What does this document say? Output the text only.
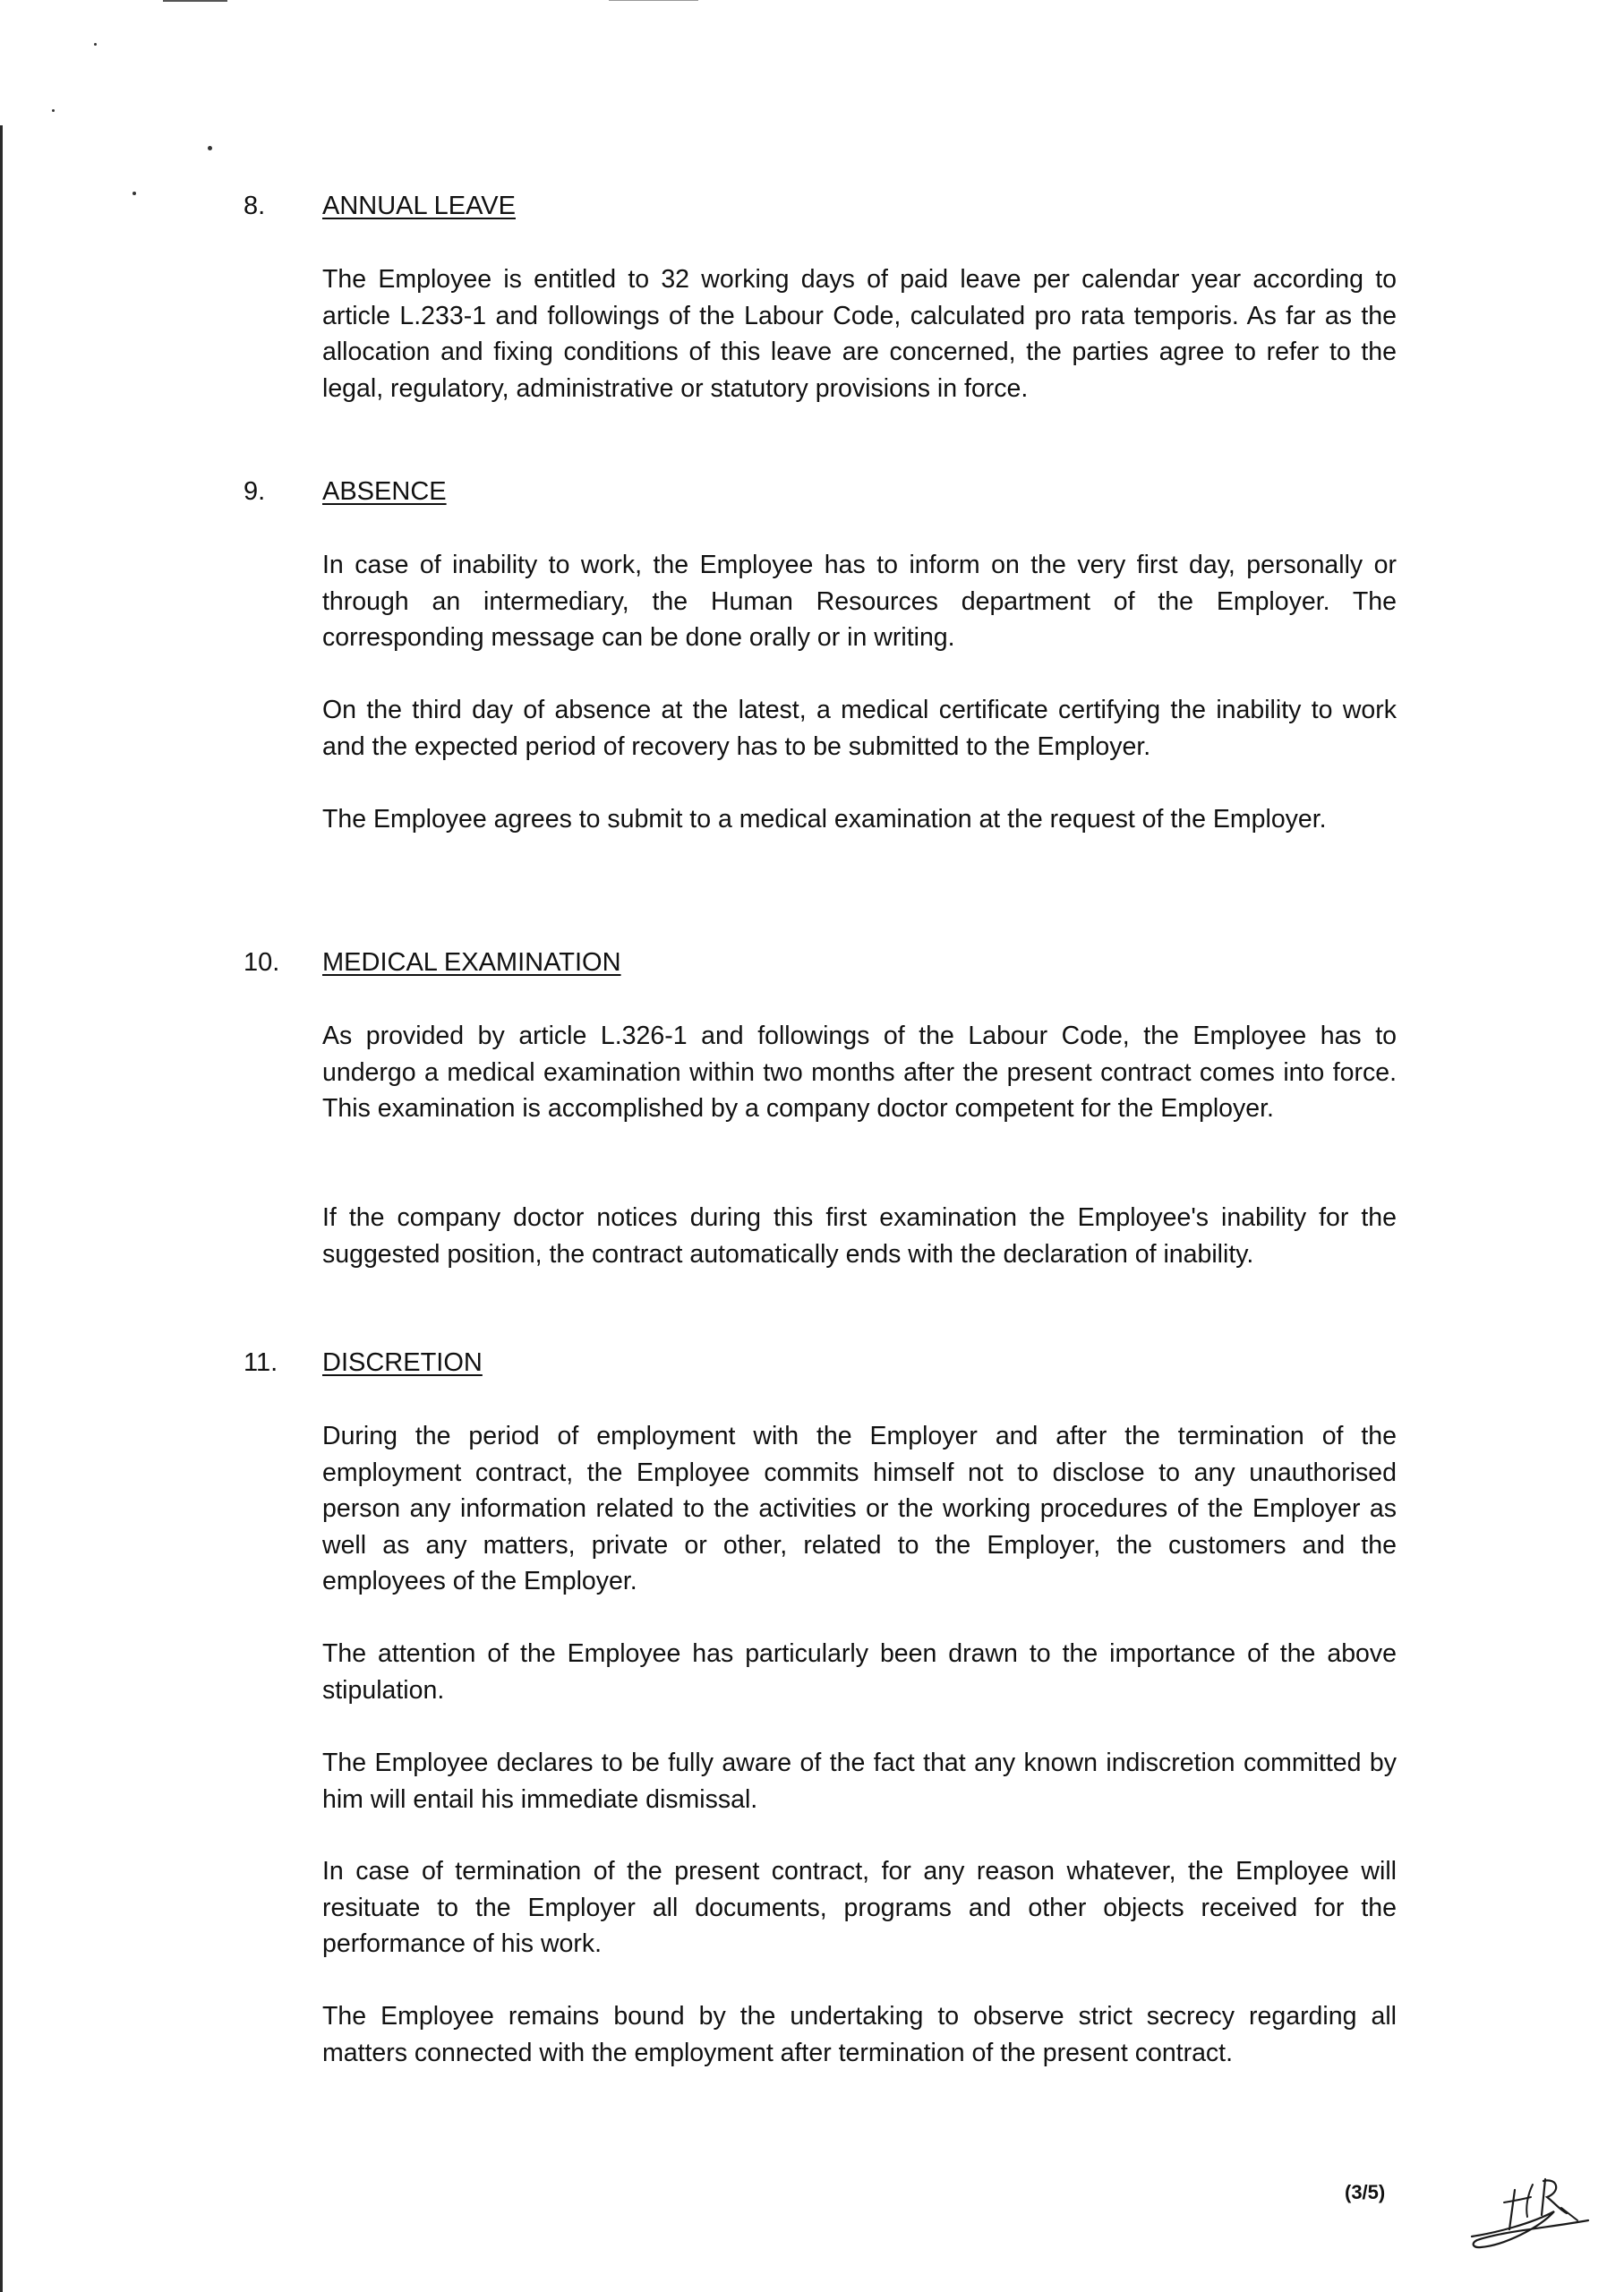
8. ANNUAL LEAVE

The Employee is entitled to 32 working days of paid leave per calendar year according to article L.233-1 and followings of the Labour Code, calculated pro rata temporis. As far as the allocation and fixing conditions of this leave are concerned, the parties agree to refer to the legal, regulatory, administrative or statutory provisions in force.

9. ABSENCE

In case of inability to work, the Employee has to inform on the very first day, personally or through an intermediary, the Human Resources department of the Employer. The corresponding message can be done orally or in writing.

On the third day of absence at the latest, a medical certificate certifying the inability to work and the expected period of recovery has to be submitted to the Employer.

The Employee agrees to submit to a medical examination at the request of the Employer.

10. MEDICAL EXAMINATION

As provided by article L.326-1 and followings of the Labour Code, the Employee has to undergo a medical examination within two months after the present contract comes into force. This examination is accomplished by a company doctor competent for the Employer.

If the company doctor notices during this first examination the Employee's inability for the suggested position, the contract automatically ends with the declaration of inability.

11. DISCRETION

During the period of employment with the Employer and after the termination of the employment contract, the Employee commits himself not to disclose to any unauthorised person any information related to the activities or the working procedures of the Employer as well as any matters, private or other, related to the Employer, the customers and the employees of the Employer.

The attention of the Employee has particularly been drawn to the importance of the above stipulation.

The Employee declares to be fully aware of the fact that any known indiscretion committed by him will entail his immediate dismissal.

In case of termination of the present contract, for any reason whatever, the Employee will resituate to the Employer all documents, programs and other objects received for the performance of his work.

The Employee remains bound by the undertaking to observe strict secrecy regarding all matters connected with the employment after termination of the present contract.

(3/5)
